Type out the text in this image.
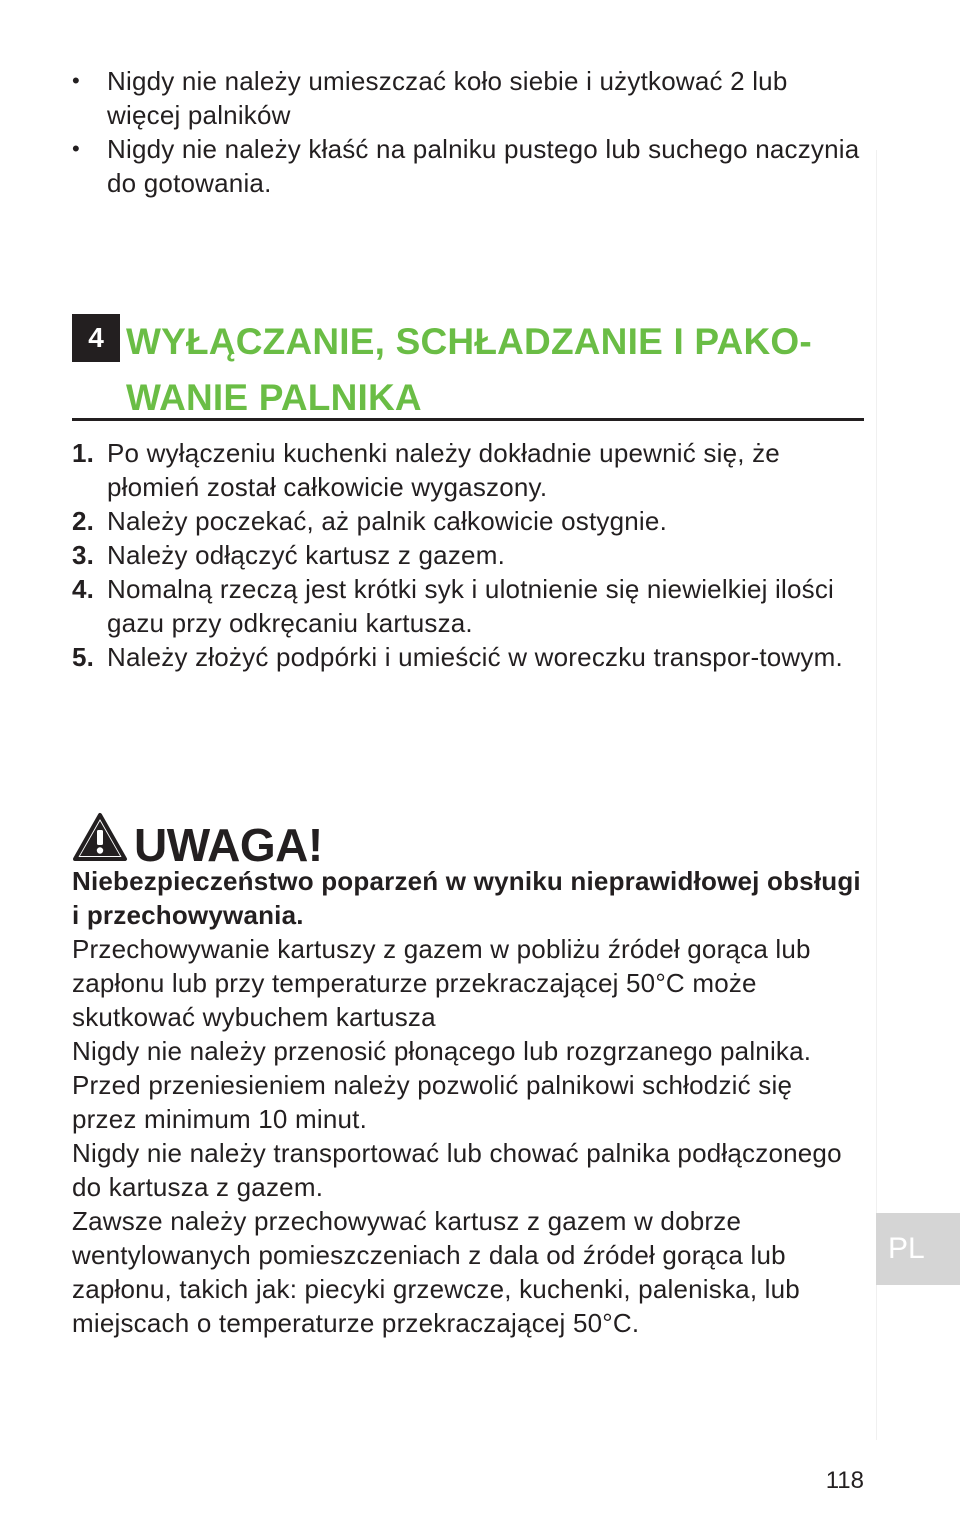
• Nigdy nie należy umieszczać koło siebie i użytkować 2 lub więcej palników
• Nigdy nie należy kłaść na palniku pustego lub suchego naczynia do gotowania.
4 WYŁĄCZANIE, SCHŁADZANIE I PAKO-WANIE PALNIKA
1. Po wyłączeniu kuchenki należy dokładnie upewnić się, że płomień został całkowicie wygaszony.
2. Należy poczekać, aż palnik całkowicie ostygnie.
3. Należy odłączyć kartusz z gazem.
4. Nomalną rzeczą jest krótki syk i ulotnienie się niewielkiej ilości gazu przy odkręcaniu kartusza.
5. Należy złożyć podpórki i umieścić w woreczku transpor-towym.
UWAGA!

Niebezpieczeństwo poparzeń w wyniku nieprawidłowej obsługi i przechowywania.

Przechowywanie kartuszy z gazem w pobliżu źródeł gorąca lub zapłonu lub przy temperaturze przekraczającej 50°C może skutkować wybuchem kartusza

Nigdy nie należy przenosić płonącego lub rozgrzanego palnika. Przed przeniesieniem należy pozwolić palnikowi schłodzić się przez minimum 10 minut.

Nigdy nie należy transportować lub chować palnika podłączonego do kartusza z gazem.

Zawsze należy przechowywać kartusz z gazem w dobrze wentylowanych pomieszczeniach z dala od źródeł gorąca lub zapłonu, takich jak: piecyki grzewcze, kuchenki, paleniska, lub miejscach o temperaturze przekraczającej 50°C.

PL
118
